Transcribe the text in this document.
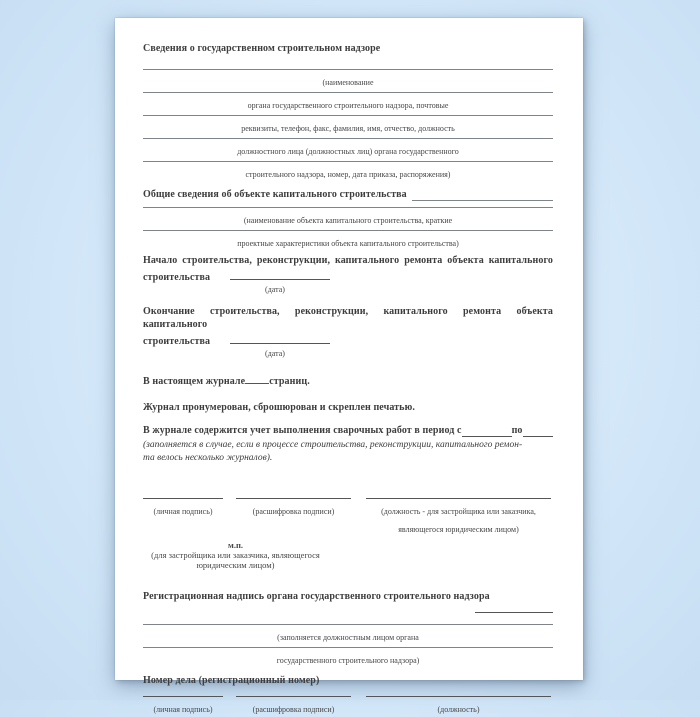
Сведения о государственном строительном надзоре
(наименование
органа государственного строительного надзора, почтовые
реквизиты, телефон, факс, фамилия, имя, отчество, должность
должностного лица (должностных лиц) органа государственного
строительного надзора, номер, дата приказа, распоряжения)
Общие сведения об объекте капитального строительства
(наименование объекта капитального строительства, краткие
проектные характеристики объекта капитального строительства)
Начало строительства, реконструкции, капитального ремонта объекта капитального
строительства
(дата)
Окончание строительства, реконструкции, капитального ремонта объекта капитального
строительства
(дата)
В настоящем журнале страниц.
Журнал пронумерован, сброшюрован и скреплен печатью.
В журнале содержится учет выполнения сварочных работ в период с	по
(заполняется в случае, если в процессе строительства, реконструкции, капитального ремон-
та велось несколько журналов).
(личная подпись)	(расшифровка подписи)	(должность - для застройщика или заказчика, являющегося юридическим лицом)
м.п.
(для застройщика или заказчика, являющегося юридическим лицом)
Регистрационная надпись органа государственного строительного надзора
(заполняется должностным лицом органа
государственного строительного надзора)
Номер дела (регистрационный номер)
(личная подпись)	(расшифровка подписи)	(должность)
